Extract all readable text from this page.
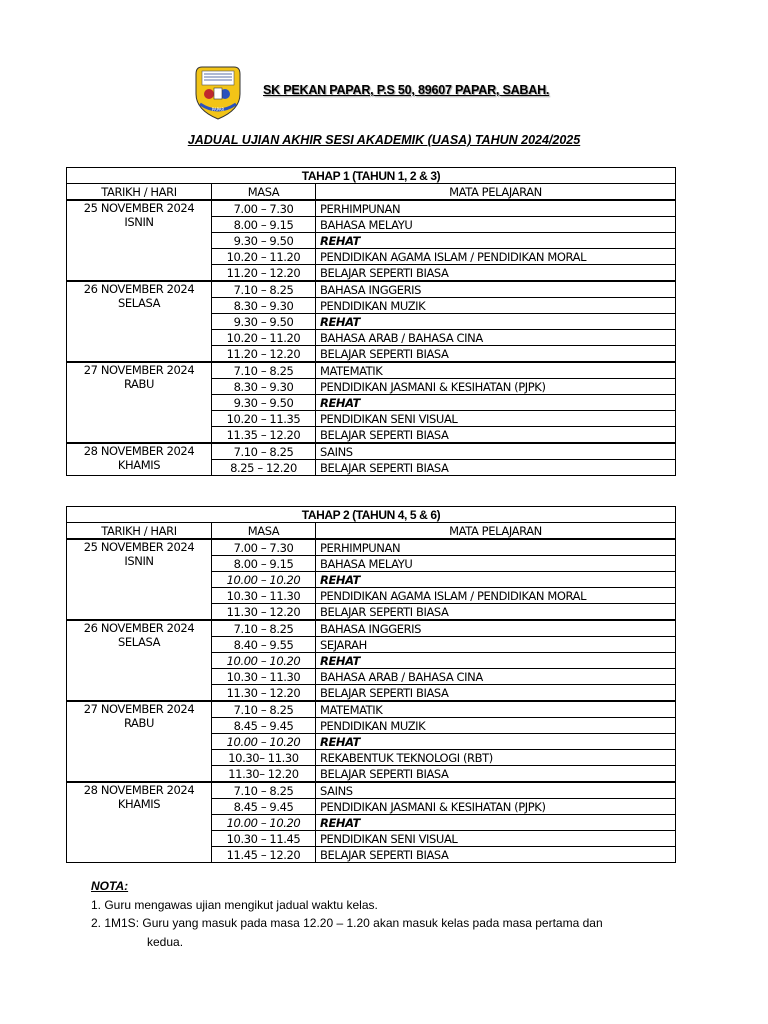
PAPAR
SK PEKAN PAPAR, P.S 50, 89607 PAPAR, SABAH.
JADUAL UJIAN AKHIR SESI AKADEMIK (UASA) TAHUN 2024/2025
TAHAP 1 (TAHUN 1, 2 & 3)		
TARIKH / HARI	MASA	MATA PELAJARAN

25 NOVEMBER 2024
ISNIN	7.00 – 7.30	PERHIMPUNAN
	8.00 – 9.15	BAHASA MELAYU
	9.30 – 9.50	REHAT
	10.20 – 11.20	PENDIDIKAN AGAMA ISLAM / PENDIDIKAN MORAL
	11.20 – 12.20	BELAJAR SEPERTI BIASA

26 NOVEMBER 2024
SELASA	7.10 – 8.25	BAHASA INGGERIS
	8.30 – 9.30	PENDIDIKAN MUZIK
	9.30 – 9.50	REHAT
	10.20 – 11.20	BAHASA ARAB / BAHASA CINA
	11.20 – 12.20	BELAJAR SEPERTI BIASA

27 NOVEMBER 2024
RABU	7.10 – 8.25	MATEMATIK
	8.30 – 9.30	PENDIDIKAN JASMANI & KESIHATAN (PJPK)
	9.30 – 9.50	REHAT
	10.20 – 11.35	PENDIDIKAN SENI VISUAL
	11.35 – 12.20	BELAJAR SEPERTI BIASA

28 NOVEMBER 2024
KHAMIS	7.10 – 8.25	SAINS
	8.25 – 12.20	BELAJAR SEPERTI BIASA
TAHAP 2 (TAHUN 4, 5 & 6)		
TARIKH / HARI	MASA	MATA PELAJARAN

25 NOVEMBER 2024
ISNIN	7.00 – 7.30	PERHIMPUNAN
	8.00 – 9.15	BAHASA MELAYU
	10.00 – 10.20	REHAT
	10.30 – 11.30	PENDIDIKAN AGAMA ISLAM / PENDIDIKAN MORAL
	11.30 – 12.20	BELAJAR SEPERTI BIASA

26 NOVEMBER 2024
SELASA	7.10 – 8.25	BAHASA INGGERIS
	8.40 – 9.55	SEJARAH
	10.00 – 10.20	REHAT
	10.30 – 11.30	BAHASA ARAB / BAHASA CINA
	11.30 – 12.20	BELAJAR SEPERTI BIASA

27 NOVEMBER 2024
RABU	7.10 – 8.25	MATEMATIK
	8.45 – 9.45	PENDIDIKAN MUZIK
	10.00 – 10.20	REHAT
	10.30– 11.30	REKABENTUK TEKNOLOGI (RBT)
	11.30– 12.20	BELAJAR SEPERTI BIASA

28 NOVEMBER 2024
KHAMIS	7.10 – 8.25	SAINS
	8.45 – 9.45	PENDIDIKAN JASMANI & KESIHATAN (PJPK)
	10.00 – 10.20	REHAT
	10.30 – 11.45	PENDIDIKAN SENI VISUAL
	11.45 – 12.20	BELAJAR SEPERTI BIASA
NOTA:
1. Guru mengawas ujian mengikut jadual waktu kelas.
2. 1M1S: Guru yang masuk pada masa 12.20 – 1.20 akan masuk kelas pada masa pertama dan
kedua.
